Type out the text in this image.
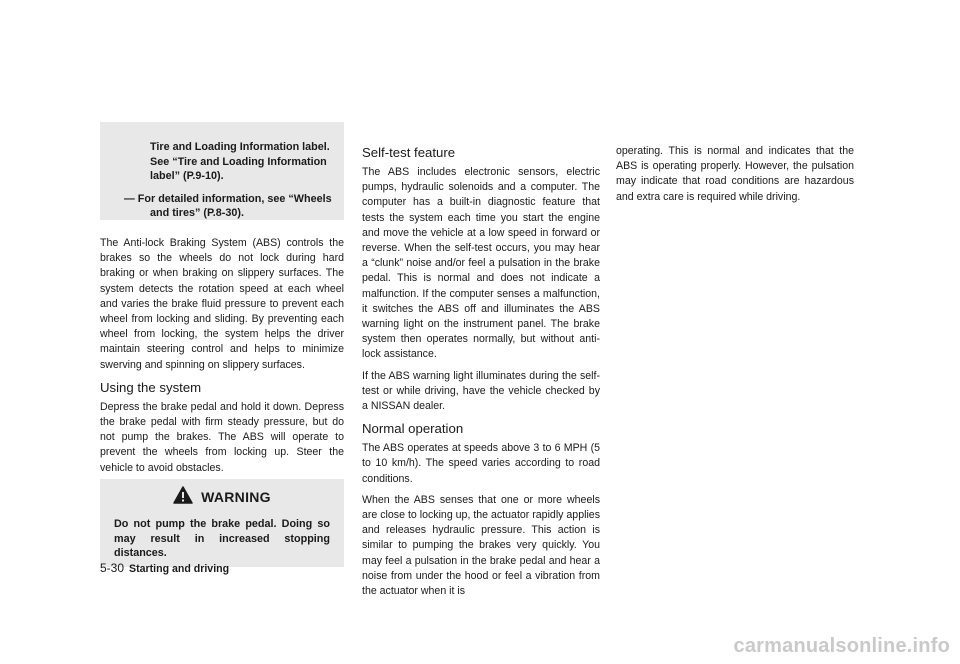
Tire and Loading Information label. See “Tire and Loading Information label” (P.9-10).
— For detailed information, see “Wheels and tires” (P.8-30).

The Anti-lock Braking System (ABS) controls the brakes so the wheels do not lock during hard braking or when braking on slippery surfaces. The system detects the rotation speed at each wheel and varies the brake fluid pressure to prevent each wheel from locking and sliding. By preventing each wheel from locking, the system helps the driver maintain steering control and helps to minimize swerving and spinning on slippery surfaces.

Using the system

Depress the brake pedal and hold it down. Depress the brake pedal with firm steady pressure, but do not pump the brakes. The ABS will operate to prevent the wheels from locking up. Steer the vehicle to avoid obstacles.

WARNING
Do not pump the brake pedal. Doing so may result in increased stopping distances.
5-30 Starting and driving
Self-test feature

The ABS includes electronic sensors, electric pumps, hydraulic solenoids and a computer. The computer has a built-in diagnostic feature that tests the system each time you start the engine and move the vehicle at a low speed in forward or reverse. When the self-test occurs, you may hear a “clunk” noise and/or feel a pulsation in the brake pedal. This is normal and does not indicate a malfunction. If the computer senses a malfunction, it switches the ABS off and illuminates the ABS warning light on the instrument panel. The brake system then operates normally, but without anti-lock assistance.

If the ABS warning light illuminates during the self-test or while driving, have the vehicle checked by a NISSAN dealer.

Normal operation

The ABS operates at speeds above 3 to 6 MPH (5 to 10 km/h). The speed varies according to road conditions.

When the ABS senses that one or more wheels are close to locking up, the actuator rapidly applies and releases hydraulic pressure. This action is similar to pumping the brakes very quickly. You may feel a pulsation in the brake pedal and hear a noise from under the hood or feel a vibration from the actuator when it is

operating. This is normal and indicates that the ABS is operating properly. However, the pulsation may indicate that road conditions are hazardous and extra care is required while driving.

carmanualsonline.info
